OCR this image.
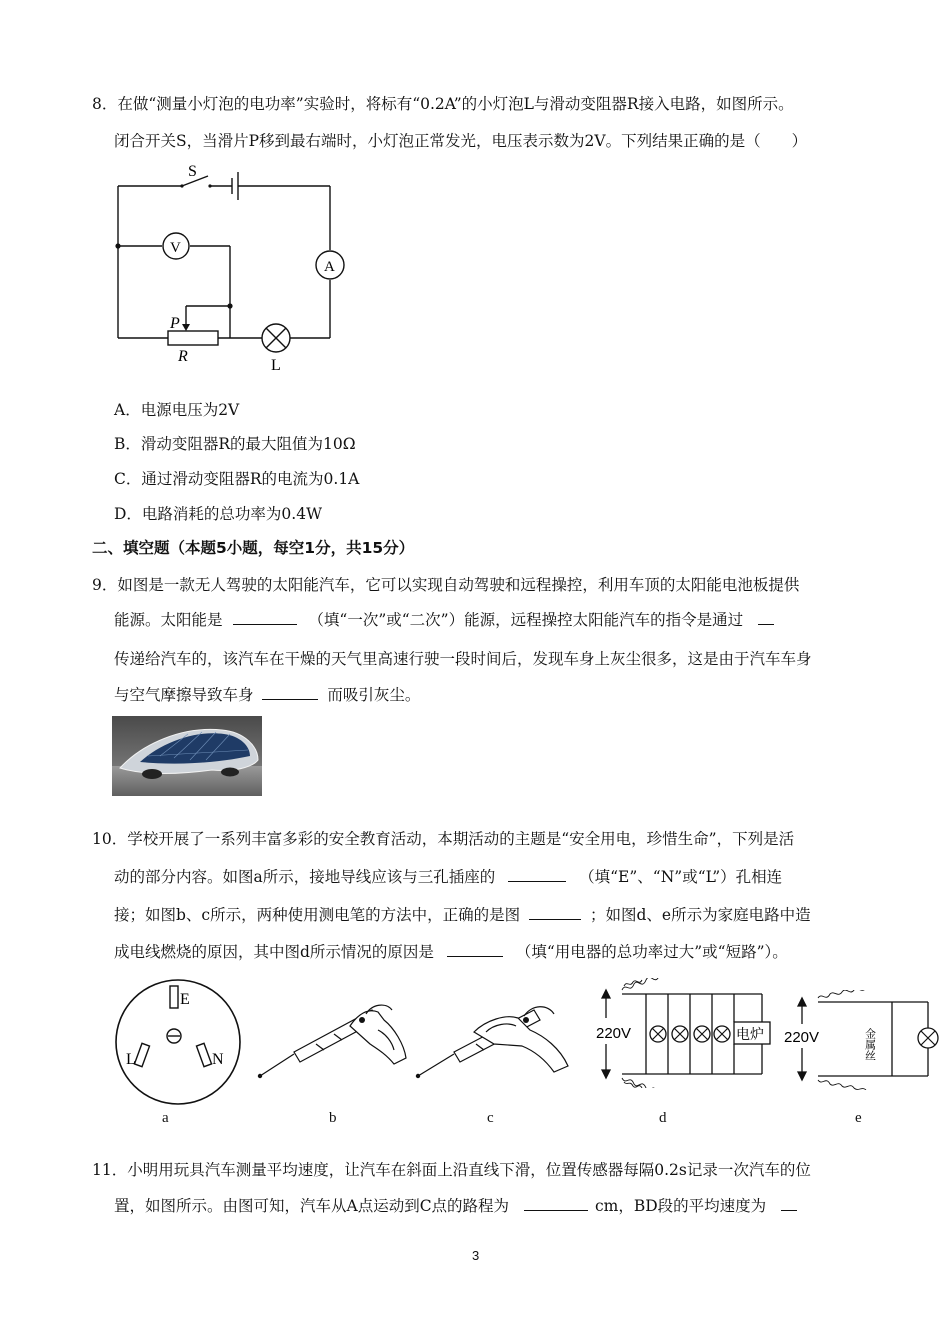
8．在做“测量小灯泡的电功率”实验时，将标有“0.2A”的小灯泡L与滑动变阻器R接入电路，如图所示。
闭合开关S，当滑片P移到最右端时，小灯泡正常发光，电压表示数为2V。下列结果正确的是（　　）
S
V
A
P
R
L
A．电源电压为2V
B．滑动变阻器R的最大阻值为10Ω
C．通过滑动变阻器R的电流为0.1A
D．电路消耗的总功率为0.4W
二、填空题（本题5小题，每空1分，共15分）
9．如图是一款无人驾驶的太阳能汽车，它可以实现自动驾驶和远程操控，利用车顶的太阳能电池板提供
能源。太阳能是	（填“一次”或“二次”）能源，远程操控太阳能汽车的指令是通过
传递给汽车的，该汽车在干燥的天气里高速行驶一段时间后，发现车身上灰尘很多，这是由于汽车车身
与空气摩擦导致车身	而吸引灰尘。
10．学校开展了一系列丰富多彩的安全教育活动，本期活动的主题是“安全用电，珍惜生命”，下列是活
动的部分内容。如图a所示，接地导线应该与三孔插座的	（填“E”、“N”或“L”）孔相连
接；如图b、c所示，两种使用测电笔的方法中，正确的是图	；如图d、e所示为家庭电路中造
成电线燃烧的原因，其中图d所示情况的原因是	（填“用电器的总功率过大”或“短路”）。
E
L	N
220V	电炉 220V	金属丝
a	b	c	d	e
11．小明用玩具汽车测量平均速度，让汽车在斜面上沿直线下滑，位置传感器每隔0.2s记录一次汽车的位
置，如图所示。由图可知，汽车从A点运动到C点的路程为	cm，BD段的平均速度为
3
